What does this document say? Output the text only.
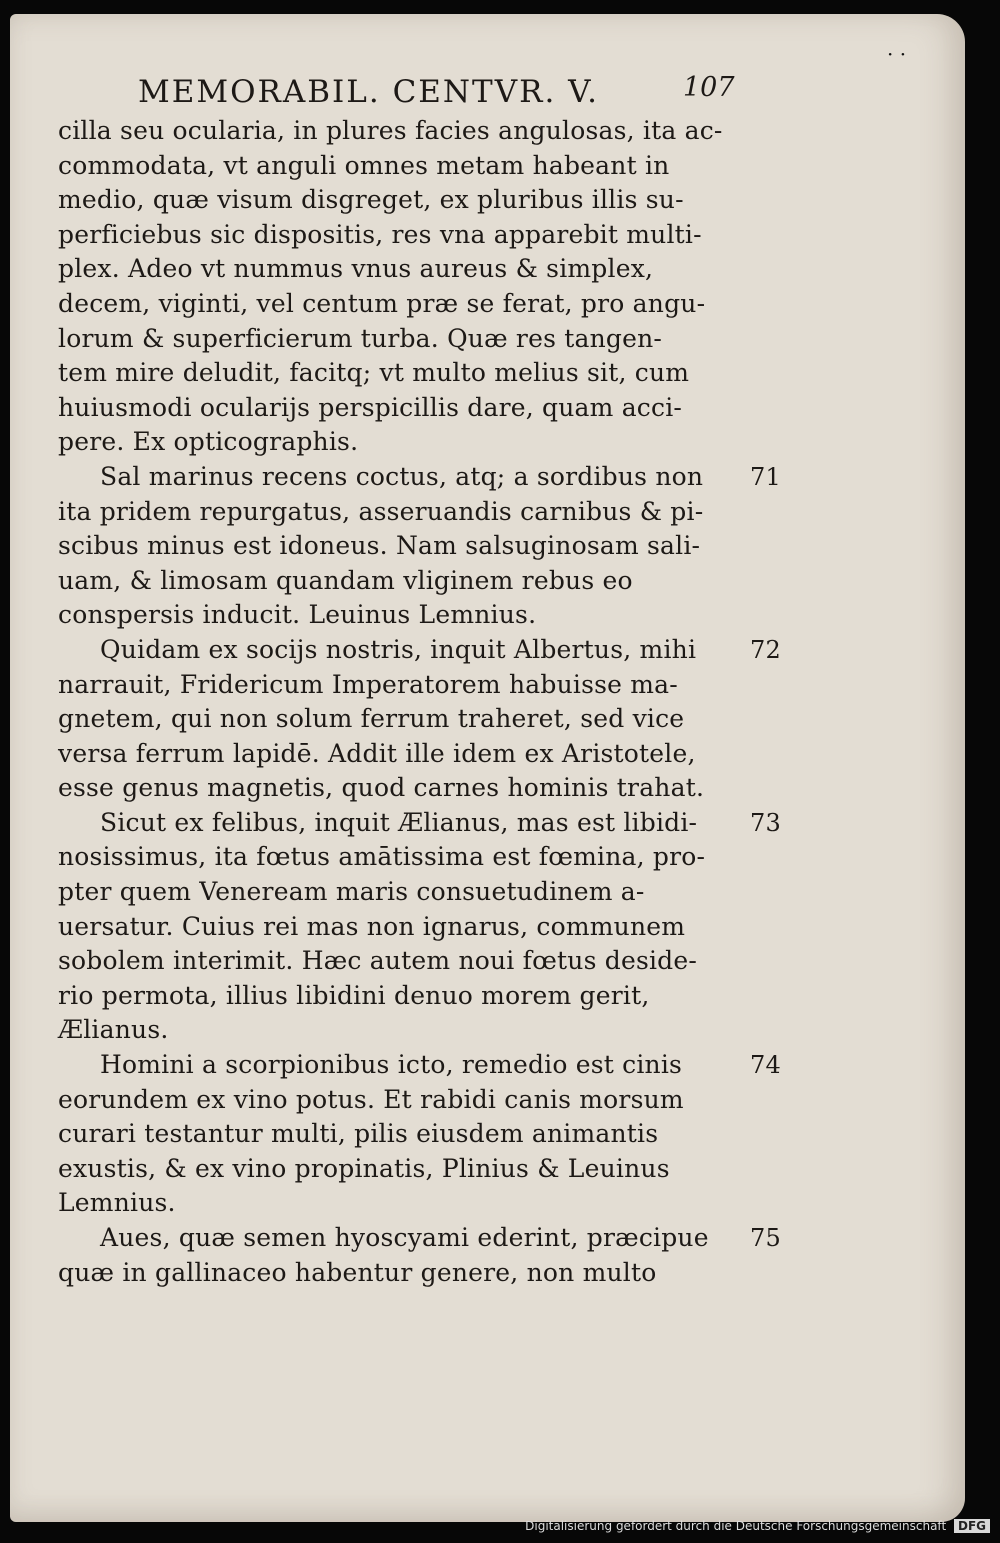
· ·
MEMORABIL. CENTVR. V.	107
cilla seu ocularia, in plures facies angulosas, ita ac-
commodata, vt anguli omnes metam habeant in
medio, quæ visum disgreget, ex pluribus illis su-
perficiebus sic dispositis, res vna apparebit multi-
plex. Adeo vt nummus vnus aureus & simplex,
decem, viginti, vel centum præ se ferat, pro angu-
lorum & superficierum turba. Quæ res tangen-
tem mire deludit, facitq; vt multo melius sit, cum
huiusmodi ocularijs perspicillis dare, quam acci-
pere. Ex opticographis.
Sal marinus recens coctus, atq; a sordibus non 71
ita pridem repurgatus, asseruandis carnibus & pi-
scibus minus est idoneus. Nam salsuginosam sali-
uam, & limosam quandam vliginem rebus eo
conspersis inducit. Leuinus Lemnius.
Quidam ex socijs nostris, inquit Albertus, mihi 72
narrauit, Fridericum Imperatorem habuisse ma-
gnetem, qui non solum ferrum traheret, sed vice
versa ferrum lapidē. Addit ille idem ex Aristotele,
esse genus magnetis, quod carnes hominis trahat.
Sicut ex felibus, inquit Ælianus, mas est libidi- 73
nosissimus, ita fœtus amātissima est fœmina, pro-
pter quem Veneream maris consuetudinem a-
uersatur. Cuius rei mas non ignarus, communem
sobolem interimit. Hæc autem noui fœtus deside-
rio permota, illius libidini denuo morem gerit,
Ælianus.
Homini a scorpionibus icto, remedio est cinis	74
eorundem ex vino potus. Et rabidi canis morsum
curari testantur multi, pilis eiusdem animantis
exustis, & ex vino propinatis, Plinius & Leuinus
Lemnius.
Aues, quæ semen hyoscyami ederint, præcipue 75
quæ in gallinaceo habentur genere, non multo
Digitalisierung gefördert durch die Deutsche Forschungsgemeinschaft DFG
